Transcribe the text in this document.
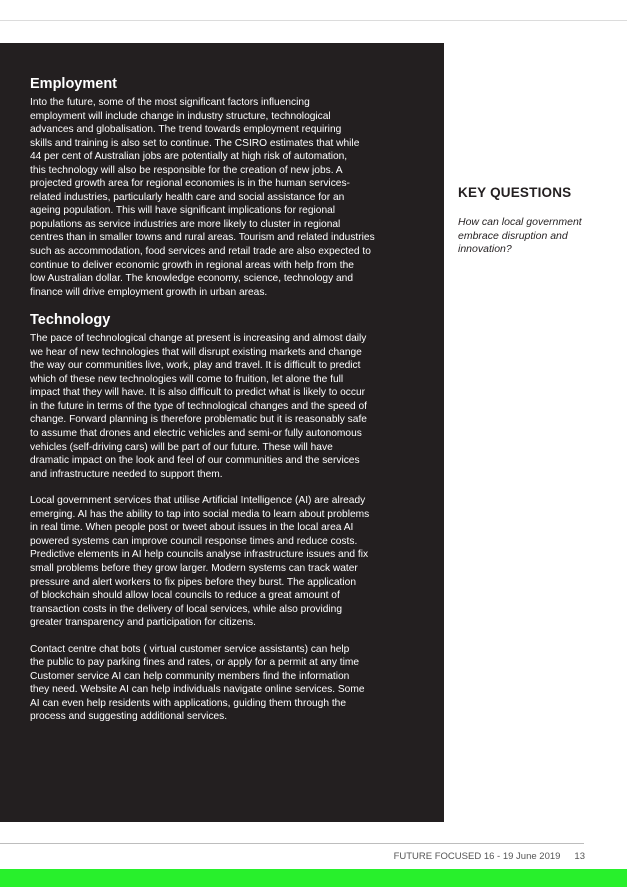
Employment

Into the future, some of the most significant factors influencing
employment will include change in industry structure, technological
advances and globalisation. The trend towards employment requiring
skills and training is also set to continue. The CSIRO estimates that while
44 per cent of Australian jobs are potentially at high risk of automation,
this technology will also be responsible for the creation of new jobs. A
projected growth area for regional economies is in the human services-
related industries, particularly health care and social assistance for an
ageing population. This will have significant implications for regional
populations as service industries are more likely to cluster in regional
centres than in smaller towns and rural areas. Tourism and related industries
such as accommodation, food services and retail trade are also expected to
continue to deliver economic growth in regional areas with help from the
low Australian dollar. The knowledge economy, science, technology and
finance will drive employment growth in urban areas.

Technology

The pace of technological change at present is increasing and almost daily
we hear of new technologies that will disrupt existing markets and change
the way our communities live, work, play and travel. It is difficult to predict
which of these new technologies will come to fruition, let alone the full
impact that they will have. It is also difficult to predict what is likely to occur
in the future in terms of the type of technological changes and the speed of
change. Forward planning is therefore problematic but it is reasonably safe
to assume that drones and electric vehicles and semi-or fully autonomous
vehicles (self-driving cars) will be part of our future. These will have
dramatic impact on the look and feel of our communities and the services
and infrastructure needed to support them.

Local government services that utilise Artificial Intelligence (AI) are already
emerging. AI has the ability to tap into social media to learn about problems
in real time. When people post or tweet about issues in the local area AI
powered systems can improve council response times and reduce costs.
Predictive elements in AI help councils analyse infrastructure issues and fix
small problems before they grow larger. Modern systems can track water
pressure and alert workers to fix pipes before they burst. The application
of blockchain should allow local councils to reduce a great amount of
transaction costs in the delivery of local services, while also providing
greater transparency and participation for citizens.

Contact centre chat bots ( virtual customer service assistants) can help
the public to pay parking fines and rates, or apply for a permit at any time
Customer service AI can help community members find the information
they need. Website AI can help individuals navigate online services. Some
AI can even help residents with applications, guiding them through the
process and suggesting additional services.

KEY QUESTIONS

How can local government
embrace disruption and
innovation?

FUTURE FOCUSED 16 - 19 June 2019 13
